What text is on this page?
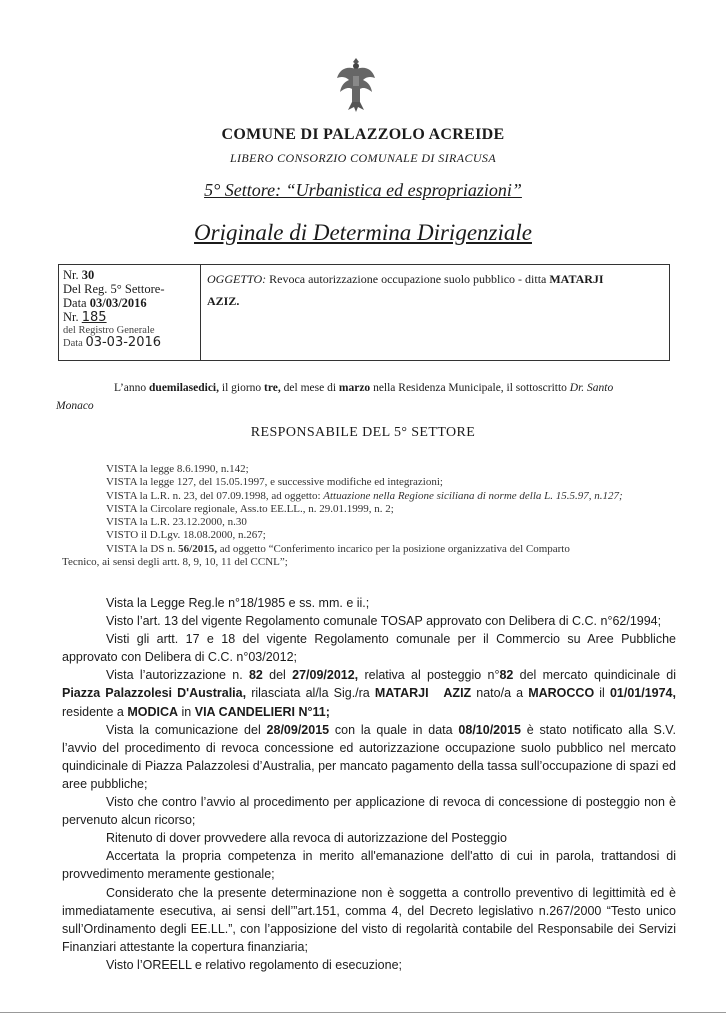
COMUNE DI PALAZZOLO ACREIDE
LIBERO CONSORZIO COMUNALE DI SIRACUSA
5° Settore: “Urbanistica ed espropriazioni”
Originale di Determina Dirigenziale
Nr. 30
Del Reg. 5° Settore-
Data 03/03/2016
Nr. 185
del Registro Generale
Data 03-03-2016
OGGETTO: Revoca autorizzazione occupazione suolo pubblico - ditta MATARJI
AZIZ.
L’anno duemilasedici, il giorno tre, del mese di marzo nella Residenza Municipale, il sottoscritto Dr. Santo
Monaco
RESPONSABILE DEL 5° SETTORE
VISTA la legge 8.6.1990, n.142;
VISTA la legge 127, del 15.05.1997, e successive modifiche ed integrazioni;
VISTA la L.R. n. 23, del 07.09.1998, ad oggetto: Attuazione nella Regione siciliana di norme della L. 15.5.97, n.127;
VISTA la Circolare regionale, Ass.to EE.LL., n. 29.01.1999, n. 2;
VISTA la L.R. 23.12.2000, n.30
VISTO il D.Lgv. 18.08.2000, n.267;
VISTA la DS n. 56/2015, ad oggetto “Conferimento incarico per la posizione organizzativa del Comparto
Tecnico, ai sensi degli artt. 8, 9, 10, 11 del CCNL”;

Vista la Legge Reg.le n°18/1985 e ss. mm. e ii.;

Visto l’art. 13 del vigente Regolamento comunale TOSAP approvato con Delibera di C.C. n°62/1994;

Visti gli artt. 17 e 18 del vigente Regolamento comunale per il Commercio su Aree Pubbliche approvato con Delibera di C.C. n°03/2012;

Vista l’autorizzazione n. 82 del 27/09/2012, relativa al posteggio n°82 del mercato quindicinale di Piazza Palazzolesi D'Australia, rilasciata al/la Sig./ra MATARJI   AZIZ nato/a a MAROCCO il 01/01/1974, residente a MODICA in VIA CANDELIERI N°11;

Vista la comunicazione del 28/09/2015 con la quale in data 08/10/2015 è stato notificato alla S.V. l’avvio del procedimento di revoca concessione ed autorizzazione occupazione suolo pubblico nel mercato quindicinale di Piazza Palazzolesi d’Australia, per mancato pagamento della tassa sull’occupazione di spazi ed aree pubbliche;

Visto che contro l’avvio al procedimento per applicazione di revoca di concessione di posteggio non è pervenuto alcun ricorso;

Ritenuto di dover provvedere alla revoca di autorizzazione del Posteggio

Accertata la propria competenza in merito all'emanazione dell'atto di cui in parola, trattandosi di provvedimento meramente gestionale;

Considerato che la presente determinazione non è soggetta a controllo preventivo di legittimità ed è immediatamente esecutiva, ai sensi dell’”art.151, comma 4, del Decreto legislativo n.267/2000 “Testo unico sull’Ordinamento degli EE.LL.”, con l’apposizione del visto di regolarità contabile del Responsabile dei Servizi Finanziari attestante la copertura finanziaria;

Visto l’OREELL e relativo regolamento di esecuzione;
